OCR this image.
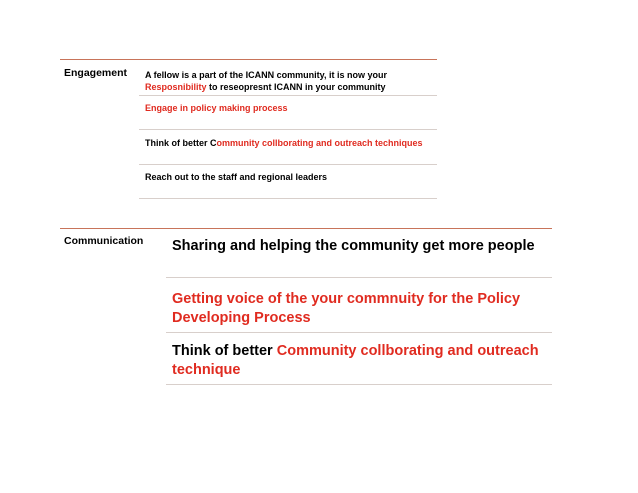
Engagement A fellow is a part of the ICANN community, it is now your
Resposnibility to reseopresnt ICANN in your community
Engage in policy making process
Think of better Community collborating and outreach techniques
Reach out to the staff and regional leaders
Communication Sharing and helping the community get more people
Getting voice of the your commnuity for the Policy Developing Process
Think of better Community collborating and outreach technique
